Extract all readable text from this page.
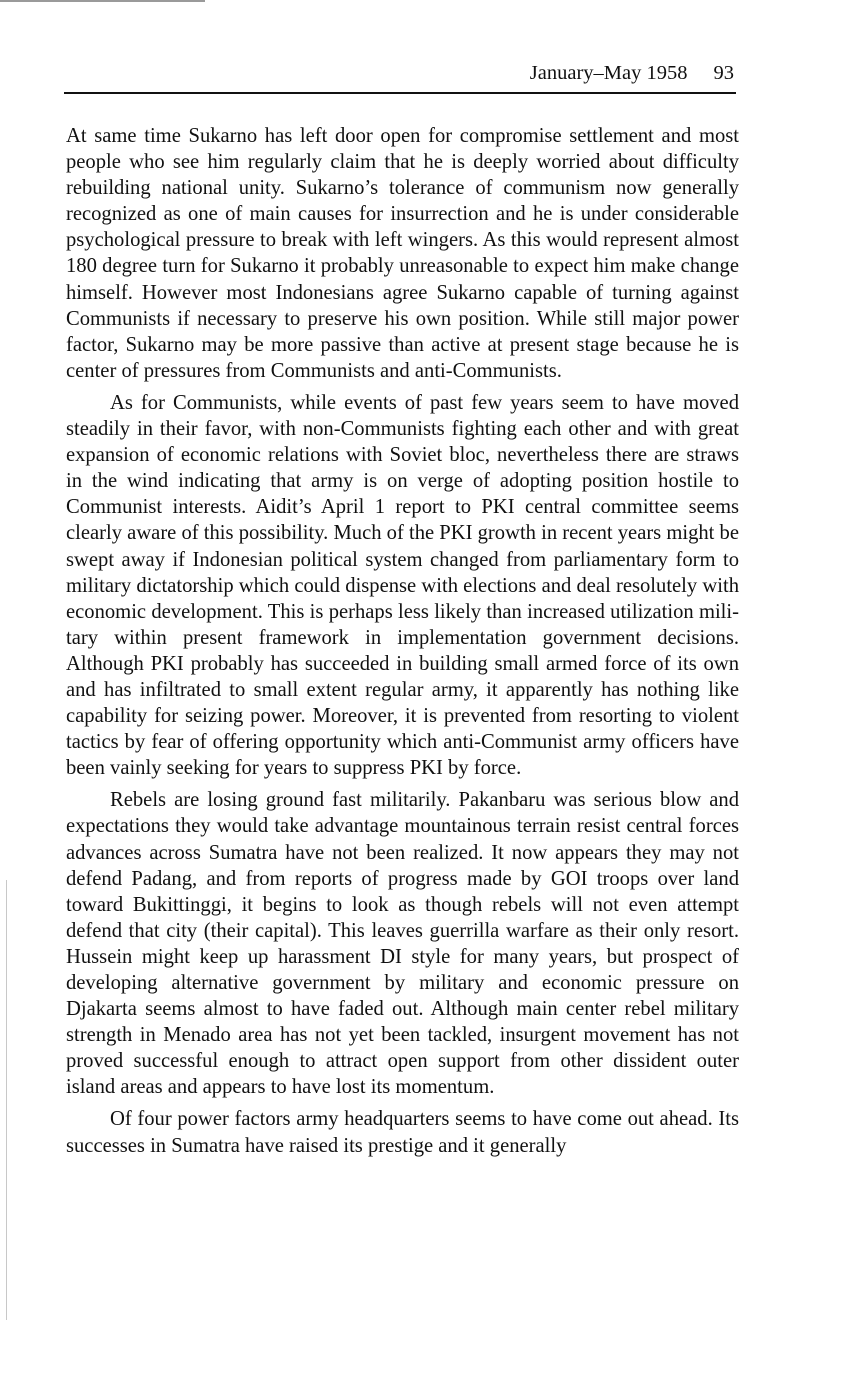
January–May 1958 93

At same time Sukarno has left door open for compromise settlement and most people who see him regularly claim that he is deeply worried about difficulty rebuilding national unity. Sukarno’s tolerance of communism now generally recognized as one of main causes for insurrection and he is under considerable psychological pressure to break with left wingers. As this would represent almost 180 degree turn for Sukarno it probably unreasonable to expect him make change himself. However most Indonesians agree Sukarno capable of turning against Communists if necessary to preserve his own position. While still major power factor, Sukarno may be more passive than active at present stage because he is center of pressures from Communists and anti-Communists.

As for Communists, while events of past few years seem to have moved steadily in their favor, with non-Communists fighting each other and with great expansion of economic relations with Soviet bloc, nevertheless there are straws in the wind indicating that army is on verge of adopting position hostile to Communist interests. Aidit’s April 1 report to PKI central committee seems clearly aware of this possibility. Much of the PKI growth in recent years might be swept away if Indonesian political system changed from parliamentary form to military dictatorship which could dispense with elections and deal resolutely with economic development. This is perhaps less likely than increased utilization military within present framework in implementation government decisions. Although PKI probably has succeeded in building small armed force of its own and has infiltrated to small extent regular army, it apparently has nothing like capability for seizing power. Moreover, it is prevented from resorting to violent tactics by fear of offering opportunity which anti-Communist army officers have been vainly seeking for years to suppress PKI by force.

Rebels are losing ground fast militarily. Pakanbaru was serious blow and expectations they would take advantage mountainous terrain resist central forces advances across Sumatra have not been realized. It now appears they may not defend Padang, and from reports of progress made by GOI troops over land toward Bukittinggi, it begins to look as though rebels will not even attempt defend that city (their capital). This leaves guerrilla warfare as their only resort. Hussein might keep up harassment DI style for many years, but prospect of developing alternative government by military and economic pressure on Djakarta seems almost to have faded out. Although main center rebel military strength in Menado area has not yet been tackled, insurgent movement has not proved successful enough to attract open support from other dissident outer island areas and appears to have lost its momentum.

Of four power factors army headquarters seems to have come out ahead. Its successes in Sumatra have raised its prestige and it generally
